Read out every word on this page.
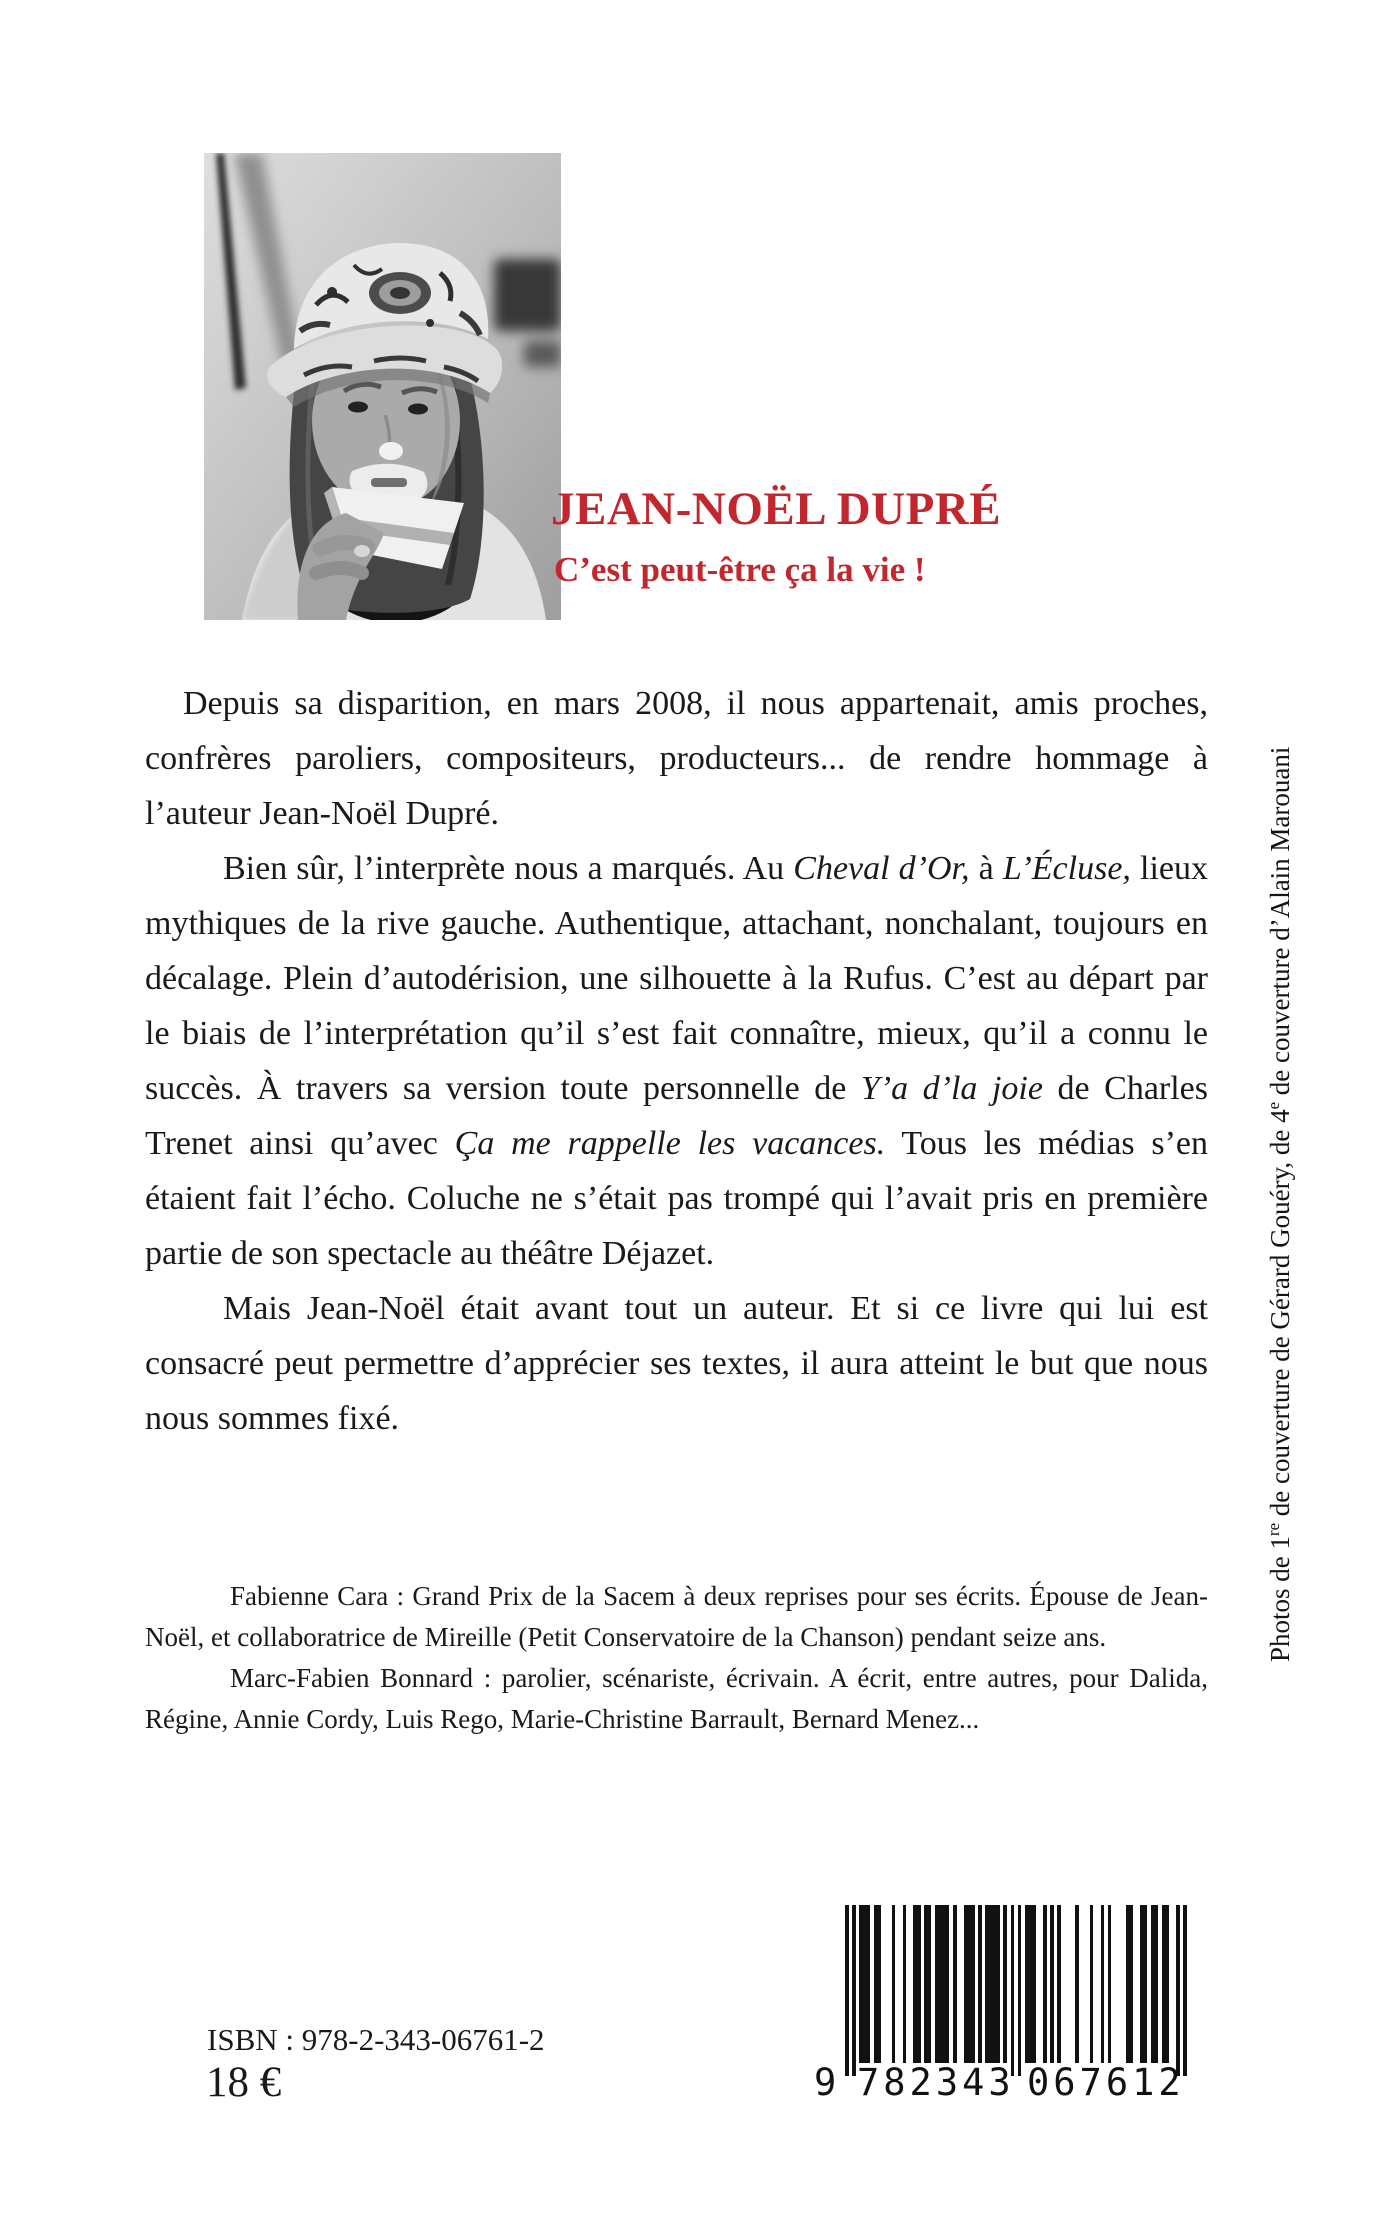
JEAN-NOËL DUPRÉ
C’est peut-être ça la vie !

Depuis sa disparition, en mars 2008, il nous appartenait, amis proches, confrères paroliers, compositeurs, producteurs... de rendre hommage à l’auteur Jean-Noël Dupré.

Bien sûr, l’interprète nous a marqués. Au Cheval d’Or, à L’Écluse, lieux mythiques de la rive gauche. Authentique, attachant, nonchalant, toujours en décalage. Plein d’autodérision, une silhouette à la Rufus. C’est au départ par le biais de l’interprétation qu’il s’est fait connaître, mieux, qu’il a connu le succès. À travers sa version toute personnelle de Y’a d’la joie de Charles Trenet ainsi qu’avec Ça me rappelle les vacances. Tous les médias s’en étaient fait l’écho. Coluche ne s’était pas trompé qui l’avait pris en première partie de son spectacle au théâtre Déjazet.

Mais Jean-Noël était avant tout un auteur. Et si ce livre qui lui est consacré peut permettre d’apprécier ses textes, il aura atteint le but que nous nous sommes fixé.

Fabienne Cara : Grand Prix de la Sacem à deux reprises pour ses écrits. Épouse de Jean-Noël, et collaboratrice de Mireille (Petit Conservatoire de la Chanson) pendant seize ans.

Marc-Fabien Bonnard : parolier, scénariste, écrivain. A écrit, entre autres, pour Dalida, Régine, Annie Cordy, Luis Rego, Marie-Christine Barrault, Bernard Menez...

Photos de 1re de couverture de Gérard Gouéry, de 4e de couverture d’Alain Marouani
ISBN : 978-2-343-06761-2
18 €	9 782343 067612
